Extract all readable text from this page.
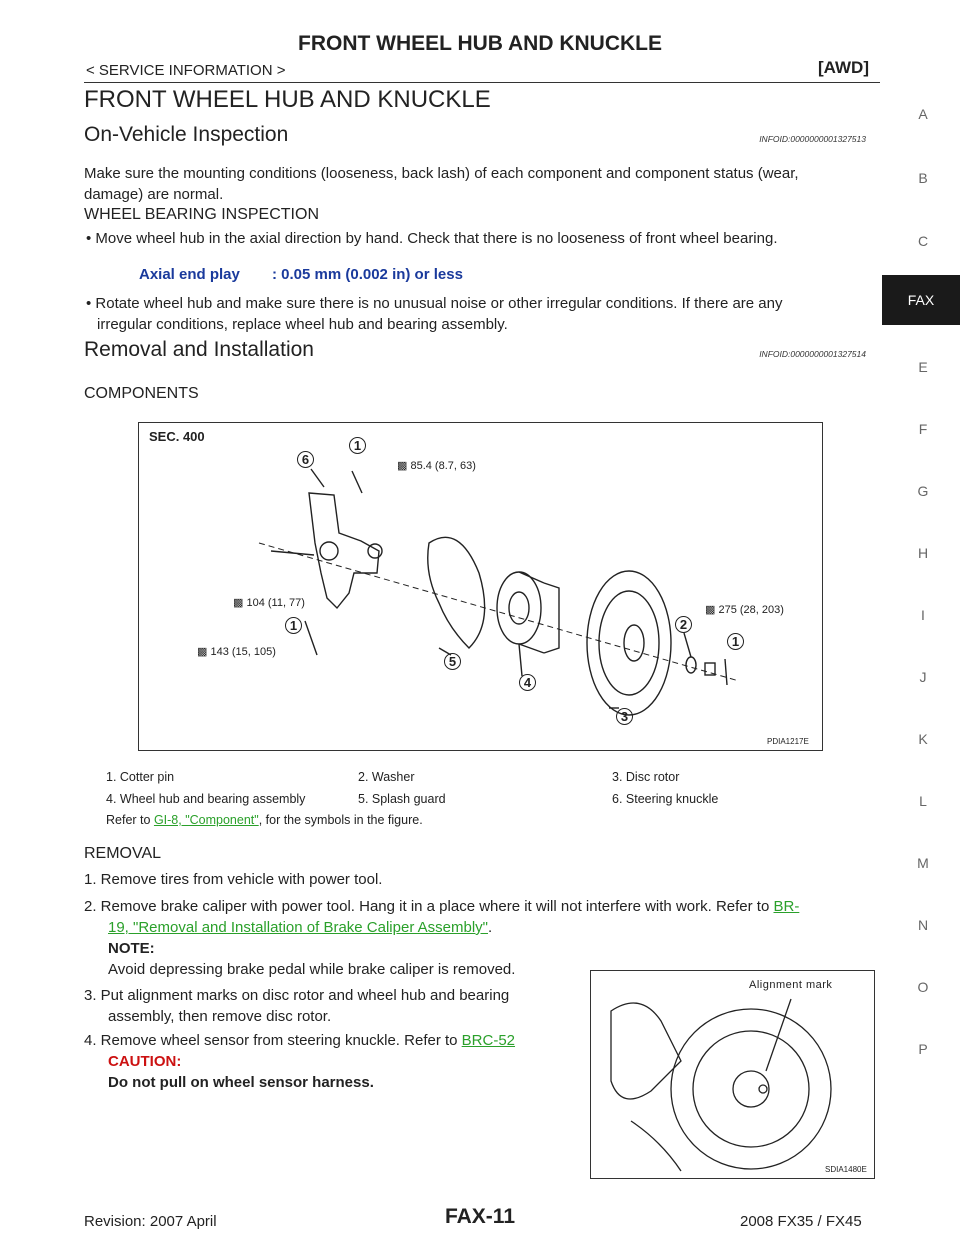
FRONT WHEEL HUB AND KNUCKLE
< SERVICE INFORMATION >	[AWD]
FRONT WHEEL HUB AND KNUCKLE
On-Vehicle Inspection	INFOID:0000000001327513
Make sure the mounting conditions (looseness, back lash) of each component and component status (wear,
damage) are normal.
WHEEL BEARING INSPECTION
• Move wheel hub in the axial direction by hand. Check that there is no looseness of front wheel bearing.
Axial end play : 0.05 mm (0.002 in) or less
• Rotate wheel hub and make sure there is no unusual noise or other irregular conditions. If there are any
irregular conditions, replace wheel hub and bearing assembly.
Removal and Installation	INFOID:0000000001327514
COMPONENTS
SEC. 400
▩ 85.4 (8.7, 63)
▩ 104 (11, 77)
▩ 143 (15, 105)
▩ 275 (28, 203)
1
6
1
5
4
3
2
1
PDIA1217E
1. Cotter pin	2. Washer	3. Disc rotor
4. Wheel hub and bearing assembly	5. Splash guard	6. Steering knuckle
Refer to GI-8, "Component", for the symbols in the figure.
REMOVAL
1. Remove tires from vehicle with power tool.
2. Remove brake caliper with power tool. Hang it in a place where it will not interfere with work. Refer to BR-
19, "Removal and Installation of Brake Caliper Assembly".
NOTE:
Avoid depressing brake pedal while brake caliper is removed.
3. Put alignment marks on disc rotor and wheel hub and bearing
assembly, then remove disc rotor.
4. Remove wheel sensor from steering knuckle. Refer to BRC-52
CAUTION:
Do not pull on wheel sensor harness.
Alignment mark
SDIA1480E
A
B
C
FAX
E
F
G
H
I
J
K
L
M
N
O
P
FAX-11
Revision: 2007 April	2008 FX35 / FX45
